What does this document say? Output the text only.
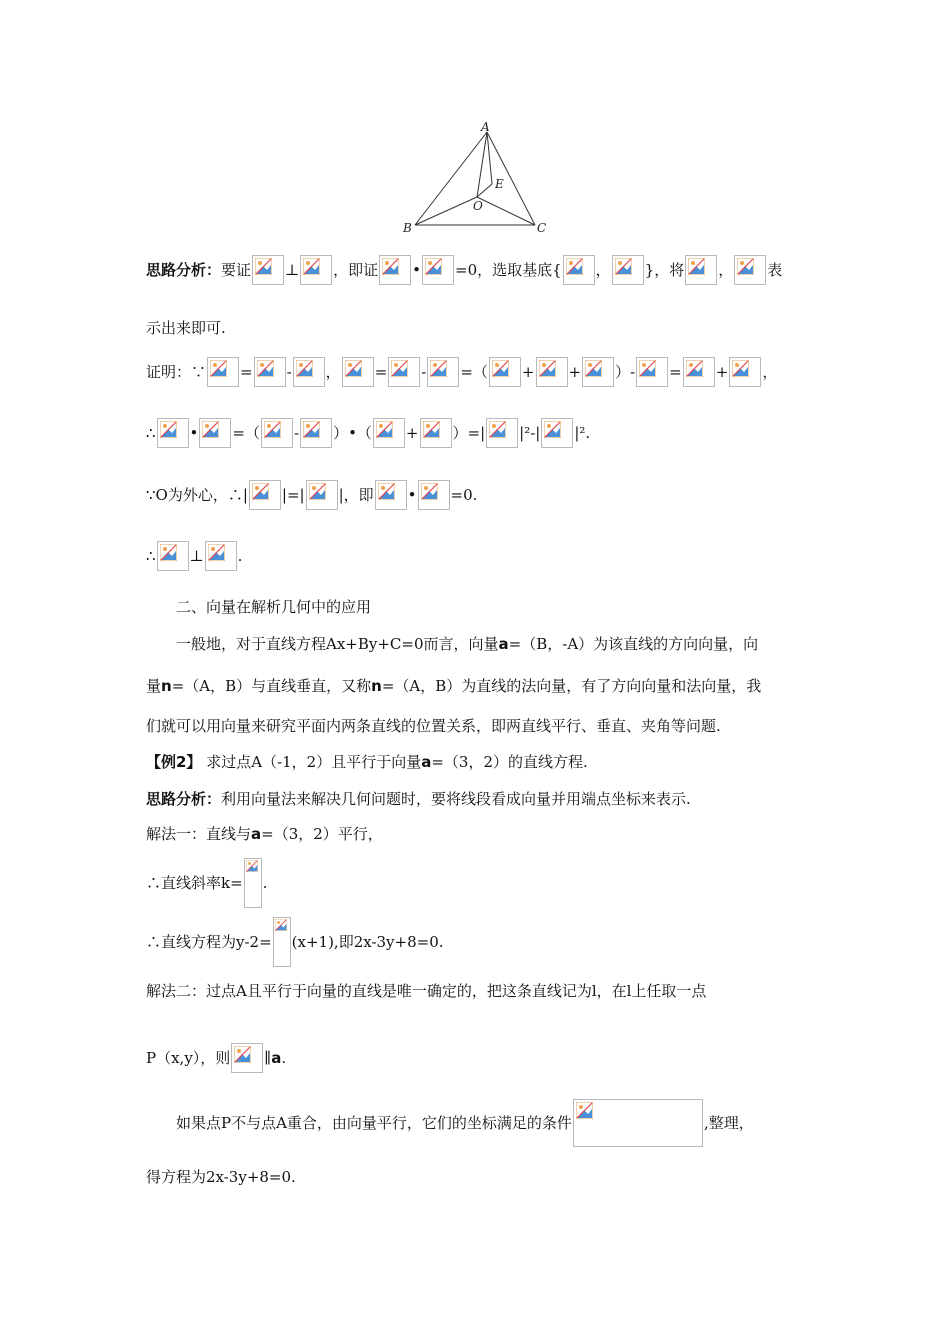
A
E
O
B	C
思路分析：要证 ⊥ ，即证 • =0，选取基底{ ， }，将 ， 表
示出来即可.
证明：∵ = - ， = - =（ + + ）- = + ，
∴ • =（ - ）•（ + ）=| |²-| |².
∵O为外心，∴| |=| |，即 • =0.
∴ ⊥ .
二、向量在解析几何中的应用
一般地，对于直线方程Ax+By+C=0而言，向量a=（B，-A）为该直线的方向向量，向
量n=（A，B）与直线垂直，又称n=（A，B）为直线的法向量，有了方向向量和法向量，我
们就可以用向量来研究平面内两条直线的位置关系，即两直线平行、垂直、夹角等问题.
【例2】 求过点A（-1，2）且平行于向量a=（3，2）的直线方程.
思路分析：利用向量法来解决几何问题时，要将线段看成向量并用端点坐标来表示.
解法一：直线与a=（3，2）平行，
∴直线斜率k= .
∴直线方程为y-2= (x+1),即2x-3y+8=0.
解法二：过点A且平行于向量的直线是唯一确定的，把这条直线记为l，在l上任取一点
P（x,y），则 ∥a.
如果点P不与点A重合，由向量平行，它们的坐标满足的条件	,整理，
得方程为2x-3y+8=0.
